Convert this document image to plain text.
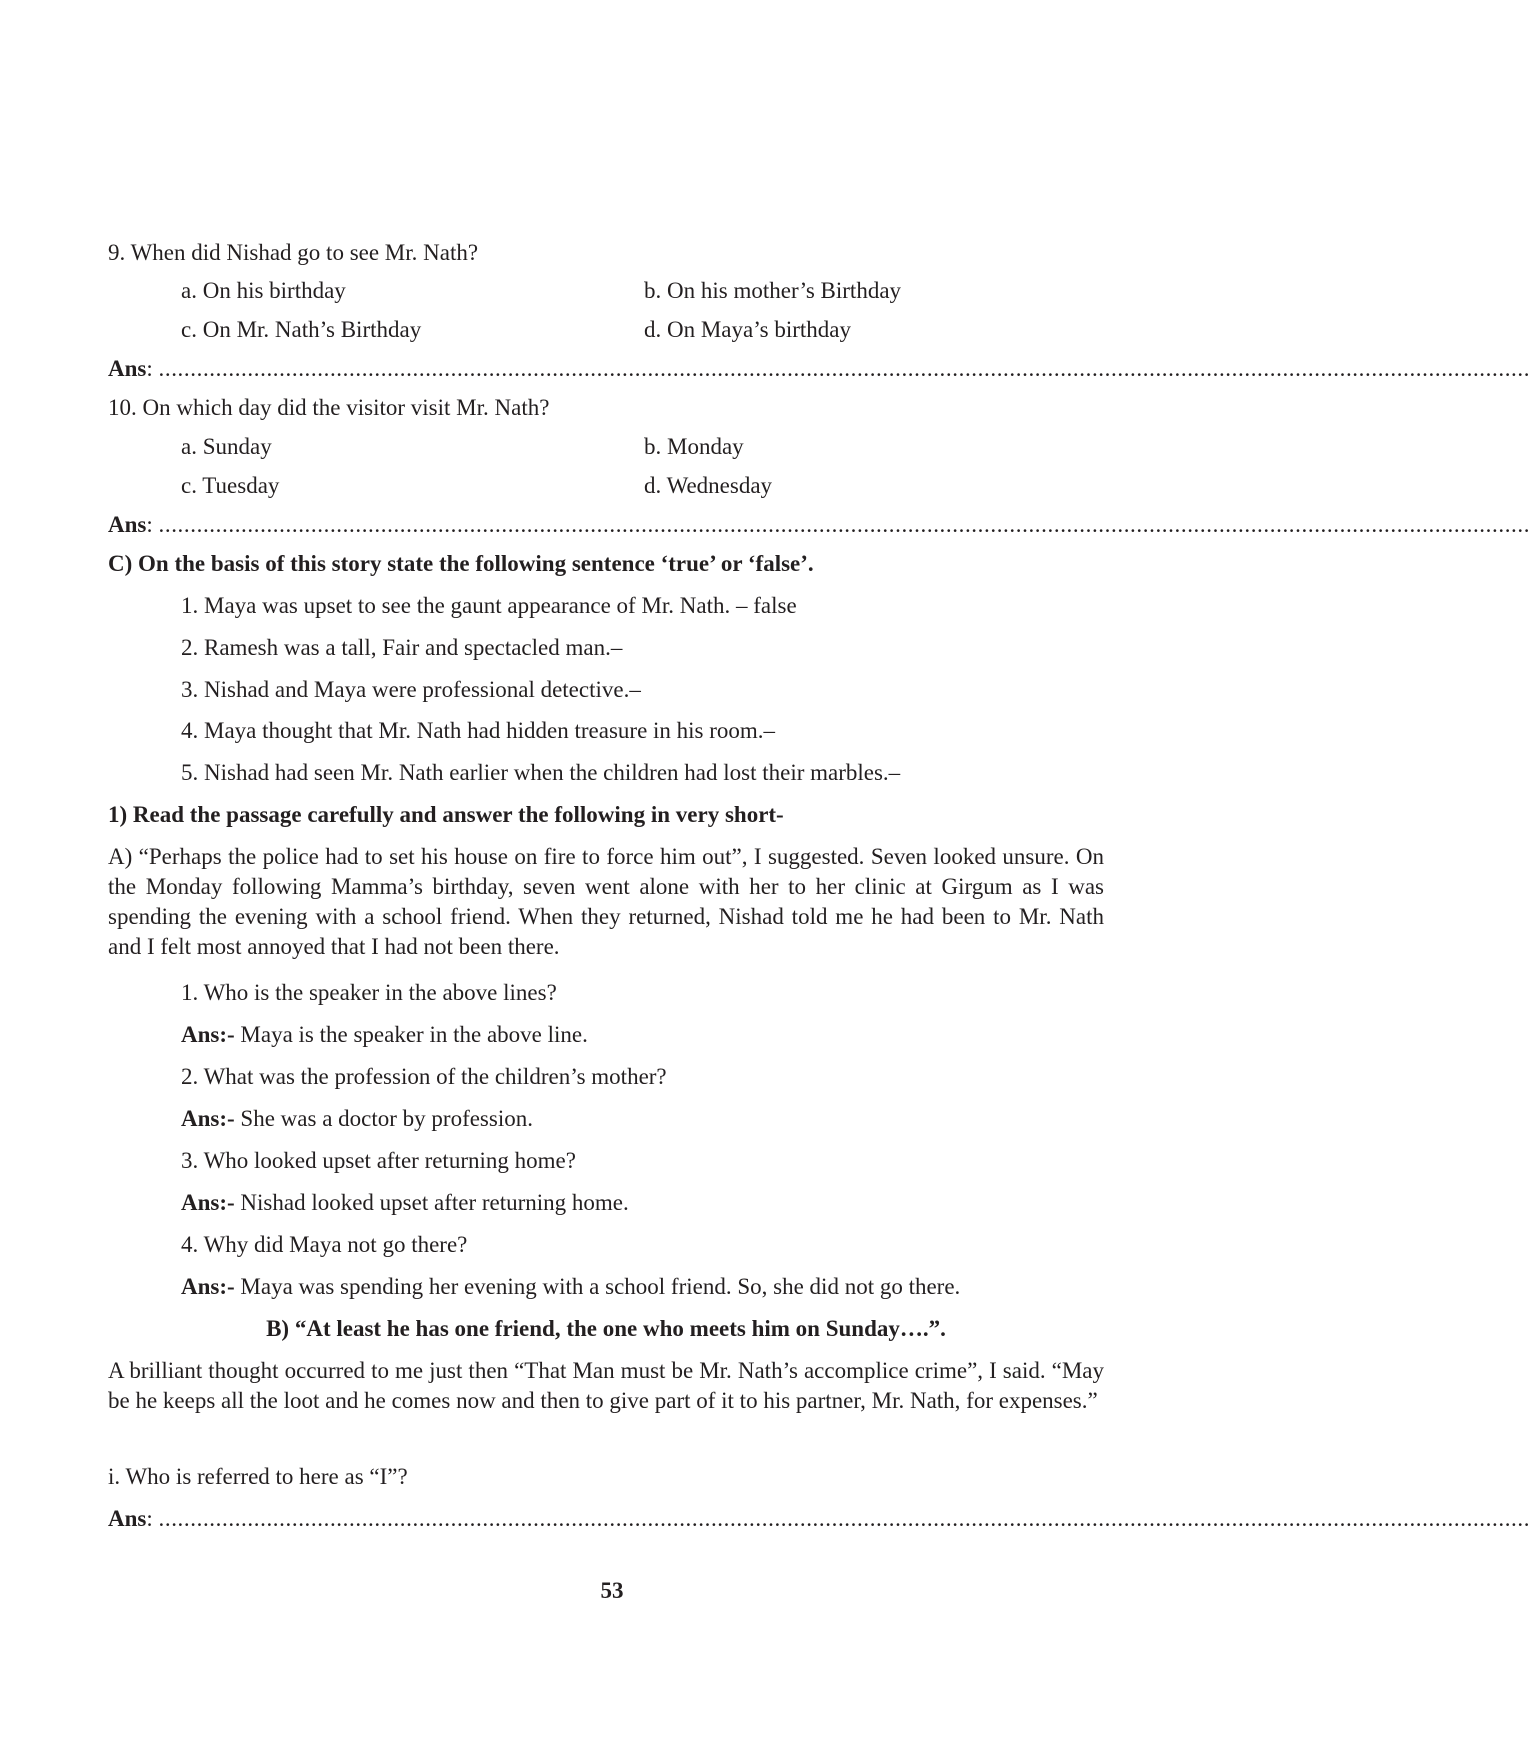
9. When did Nishad go to see Mr. Nath?
a. On his birthday	b. On his mother’s Birthday
c. On Mr. Nath’s Birthday	d. On Maya’s birthday
Ans : ........................................................................................................................................................................................................................
10. On which day did the visitor visit Mr. Nath?
a. Sunday	b. Monday
c. Tuesday	d. Wednesday
Ans : ........................................................................................................................................................................................................................
C) On the basis of this story state the following sentence ‘true’ or ‘false’.
1. Maya was upset to see the gaunt appearance of Mr. Nath. – false
2. Ramesh was a tall, Fair and spectacled man.–
3. Nishad and Maya were professional detective.–
4. Maya thought that Mr. Nath had hidden treasure in his room.–
5. Nishad had seen Mr. Nath earlier when the children had lost their marbles.–
1) Read the passage carefully and answer the following in very short-
A) “Perhaps the police had to set his house on fire to force him out”, I suggested. Seven looked unsure. On the Monday following Mamma’s birthday, seven went alone with her to her clinic at Girgum as I was spending the evening with a school friend. When they returned, Nishad told me he had been to Mr. Nath and I felt most annoyed that I had not been there.
1. Who is the speaker in the above lines?
Ans:- Maya is the speaker in the above line.
2. What was the profession of the children’s mother?
Ans:- She was a doctor by profession.
3. Who looked upset after returning home?
Ans:- Nishad looked upset after returning home.
4. Why did Maya not go there?
Ans:- Maya was spending her evening with a school friend. So, she did not go there.
B) “At least he has one friend, the one who meets him on Sunday….”.
A brilliant thought occurred to me just then “That Man must be Mr. Nath’s accomplice crime”, I said. “May be he keeps all the loot and he comes now and then to give part of it to his partner, Mr. Nath, for expenses.”
i. Who is referred to here as “I”?
Ans : ........................................................................................................................................................................................................................
53
